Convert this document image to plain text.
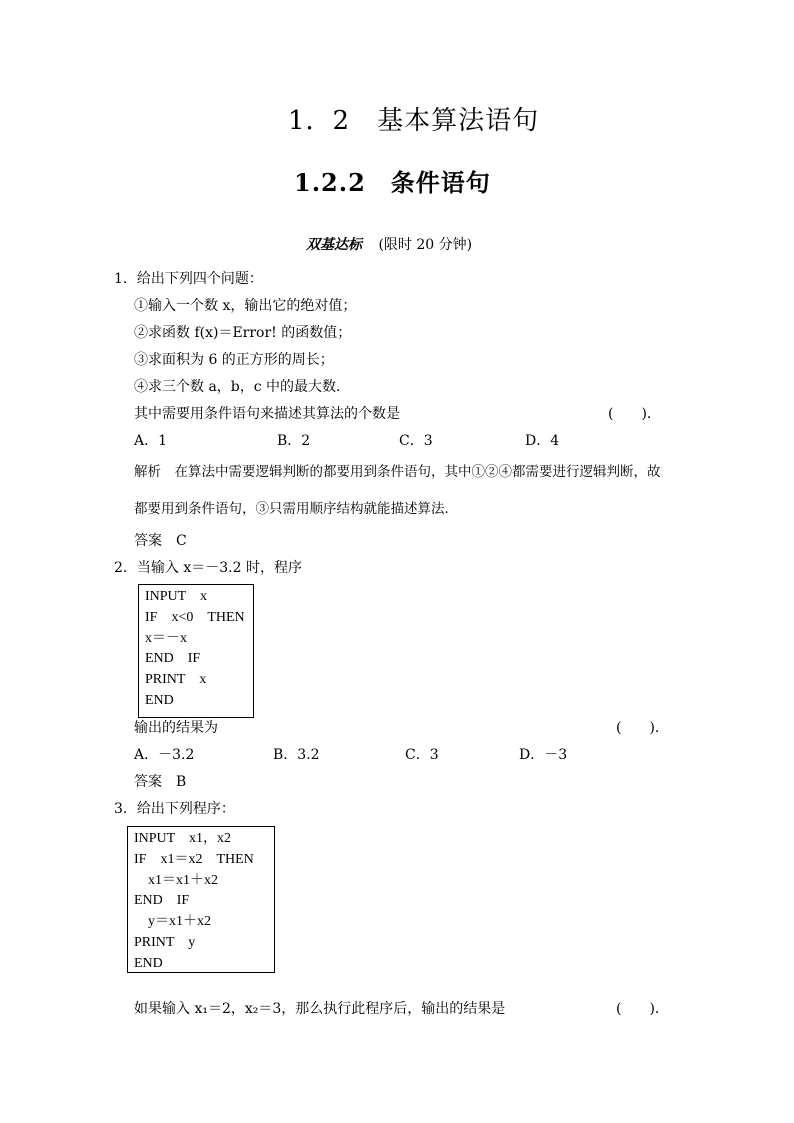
1．2　基本算法语句
1.2.2　条件语句
双基达标 (限时 20 分钟)
1．给出下列四个问题：
①输入一个数 x，输出它的绝对值；
②求函数 f(x)＝Error! 的函数值；
③求面积为 6 的正方形的周长；
④求三个数 a，b，c 中的最大数．
其中需要用条件语句来描述其算法的个数是	(　　)．
A．1	B．2	C．3	D．4
解析　在算法中需要逻辑判断的都要用到条件语句，其中①②④都需要进行逻辑判断，故
都要用到条件语句，③只需用顺序结构就能描述算法．
答案　C
2．当输入 x＝－3.2 时，程序
INPUT　x
IF　x<0　THEN
x＝－x
END　IF
PRINT　x
END
输出的结果为	(　　)．
A．－3.2	B．3.2	C．3	D．－3
答案　B
3．给出下列程序：
INPUT　x1，x2
IF　x1＝x2　THEN
　x1＝x1＋x2
END　IF
　y＝x1＋x2
PRINT　y
END
如果输入 x₁＝2，x₂＝3，那么执行此程序后，输出的结果是	(　　)．
